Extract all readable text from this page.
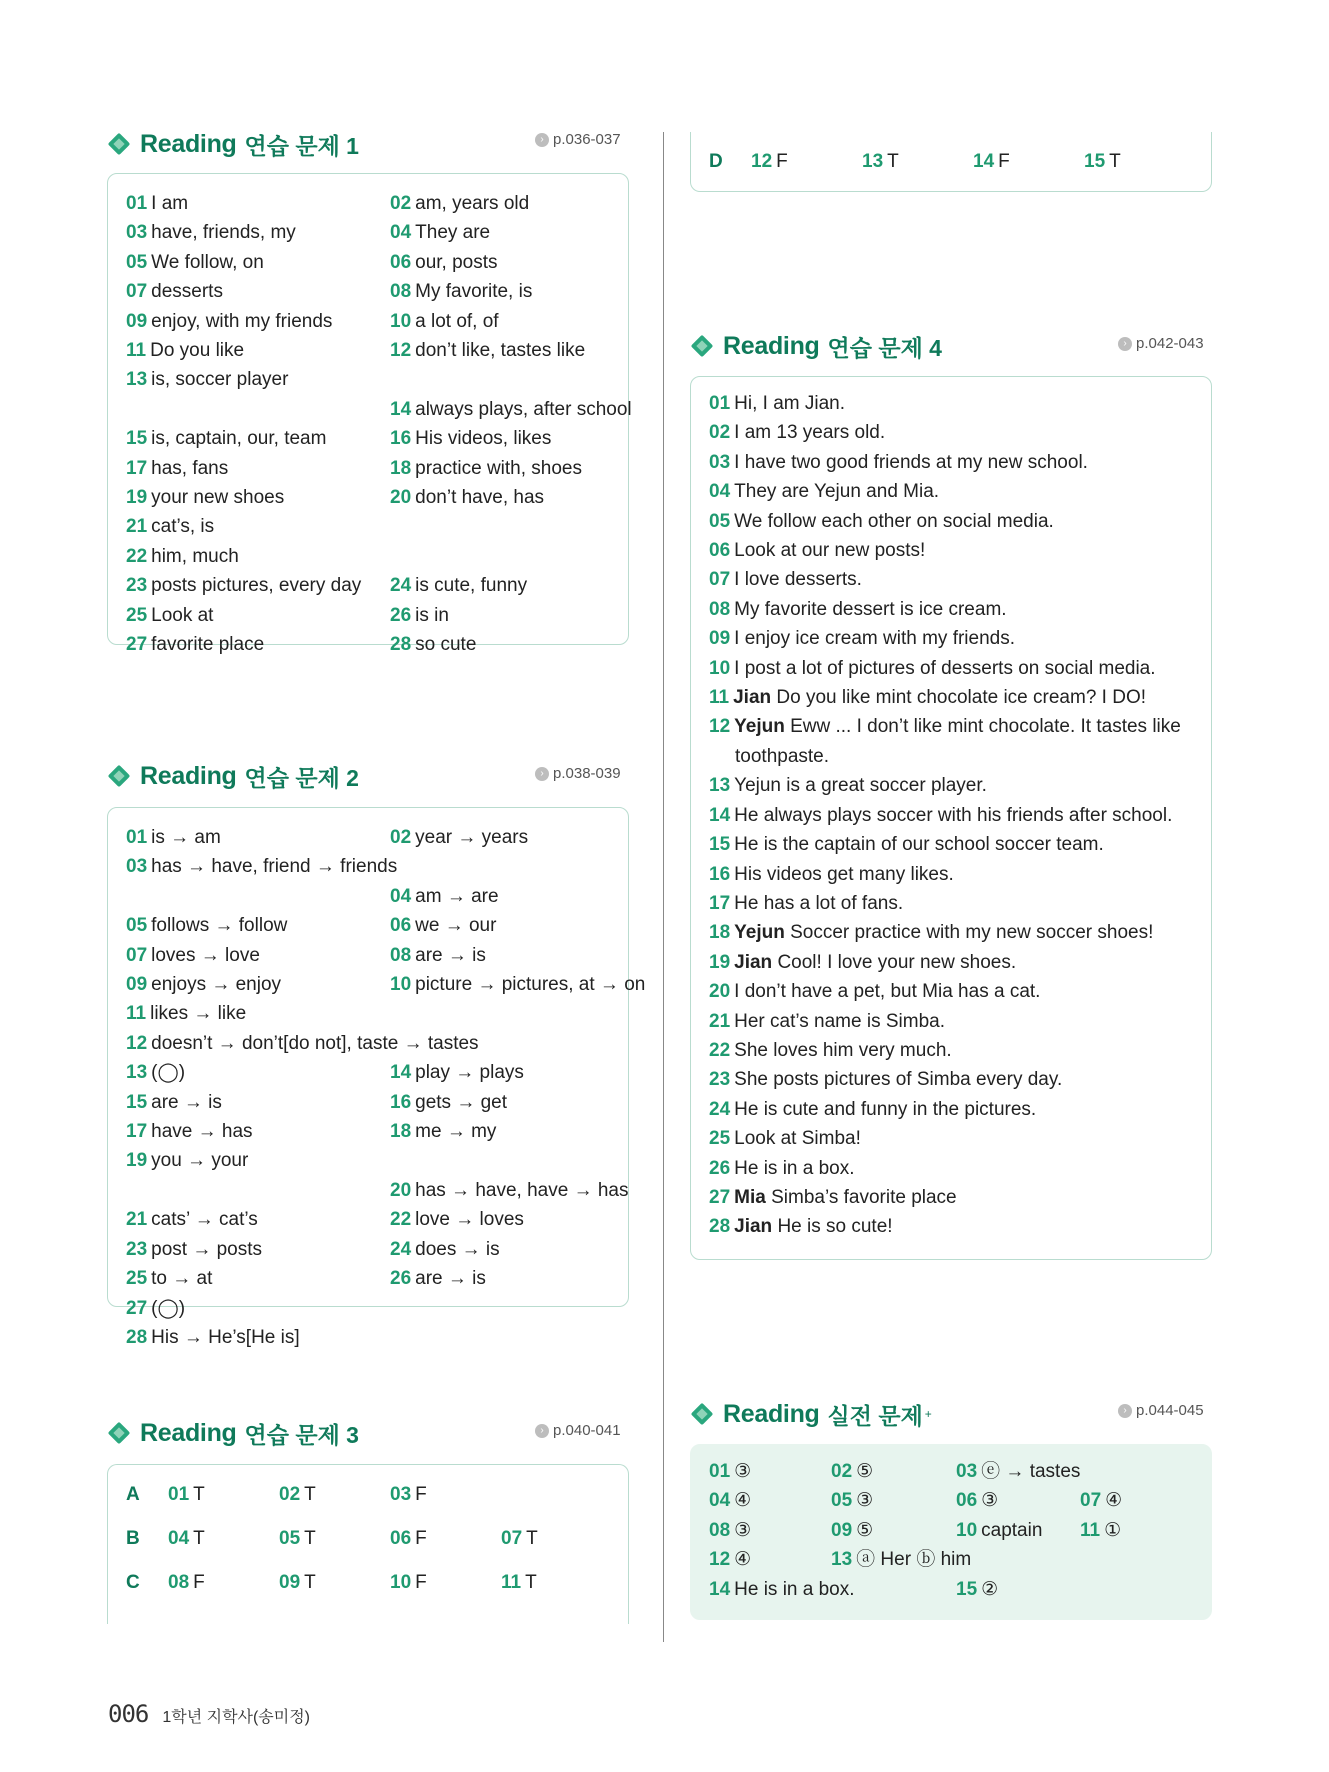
Reading 연습 문제 1	› p.036-037
01 I am	02 am, years old
03 have, friends, my	04 They are
05 We follow, on	06 our, posts
07 desserts	08 My favorite, is
09 enjoy, with my friends	10 a lot of, of
11 Do you like	12 don’t like, tastes like
13 is, soccer player
14 always plays, after school
15 is, captain, our, team	16 His videos, likes
17 has, fans	18 practice with, shoes
19 your new shoes	20 don’t have, has
21 cat’s, is
22 him, much
23 posts pictures, every day	24 is cute, funny
25 Look at	26 is in
27 favorite place	28 so cute
Reading 연습 문제 2	› p.038-039
01 is → am	02 year → years
03 has → have, friend → friends
04 am → are
05 follows → follow	06 we → our
07 loves → love	08 are → is
09 enjoys → enjoy	10 picture → pictures, at → on
11 likes → like
12 doesn’t → don’t[do not], taste → tastes
13 (◯)	14 play → plays
15 are → is	16 gets → get
17 have → has	18 me → my
19 you → your
20 has → have, have → has
21 cats’ → cat’s	22 love → loves
23 post → posts	24 does → is
25 to → at	26 are → is
27 (◯)
28 His → He’s[He is]
Reading 연습 문제 3	› p.040-041
A	01 T	02 T	03 F
B	04 T	05 T	06 F	07 T
C	08 F	09 T	10 F	11 T
D	12 F	13 T	14 F	15 T
Reading 연습 문제 4	› p.042-043
01 Hi, I am Jian.
02 I am 13 years old.
03 I have two good friends at my new school.
04 They are Yejun and Mia.
05 We follow each other on social media.
06 Look at our new posts!
07 I love desserts.
08 My favorite dessert is ice cream.
09 I enjoy ice cream with my friends.
10 I post a lot of pictures of desserts on social media.
11 Jian Do you like mint chocolate ice cream? I DO!
12 Yejun Eww ... I don’t like mint chocolate. It tastes like
toothpaste.
13 Yejun is a great soccer player.
14 He always plays soccer with his friends after school.
15 He is the captain of our school soccer team.
16 His videos get many likes.
17 He has a lot of fans.
18 Yejun Soccer practice with my new soccer shoes!
19 Jian Cool! I love your new shoes.
20 I don’t have a pet, but Mia has a cat.
21 Her cat’s name is Simba.
22 She loves him very much.
23 She posts pictures of Simba every day.
24 He is cute and funny in the pictures.
25 Look at Simba!
26 He is in a box.
27 Mia Simba’s favorite place
28 Jian He is so cute!
Reading 실전 문제 +	› p.044-045
01 ③	02 ⑤	03 ⓔ → tastes
04 ④	05 ③	06 ③	07 ④
08 ③	09 ⑤	10 captain 11 ①
12 ④	13 ⓐ Her ⓑ him
14 He is in a box.	15 ②
006 1학년 지학사(송미정)
